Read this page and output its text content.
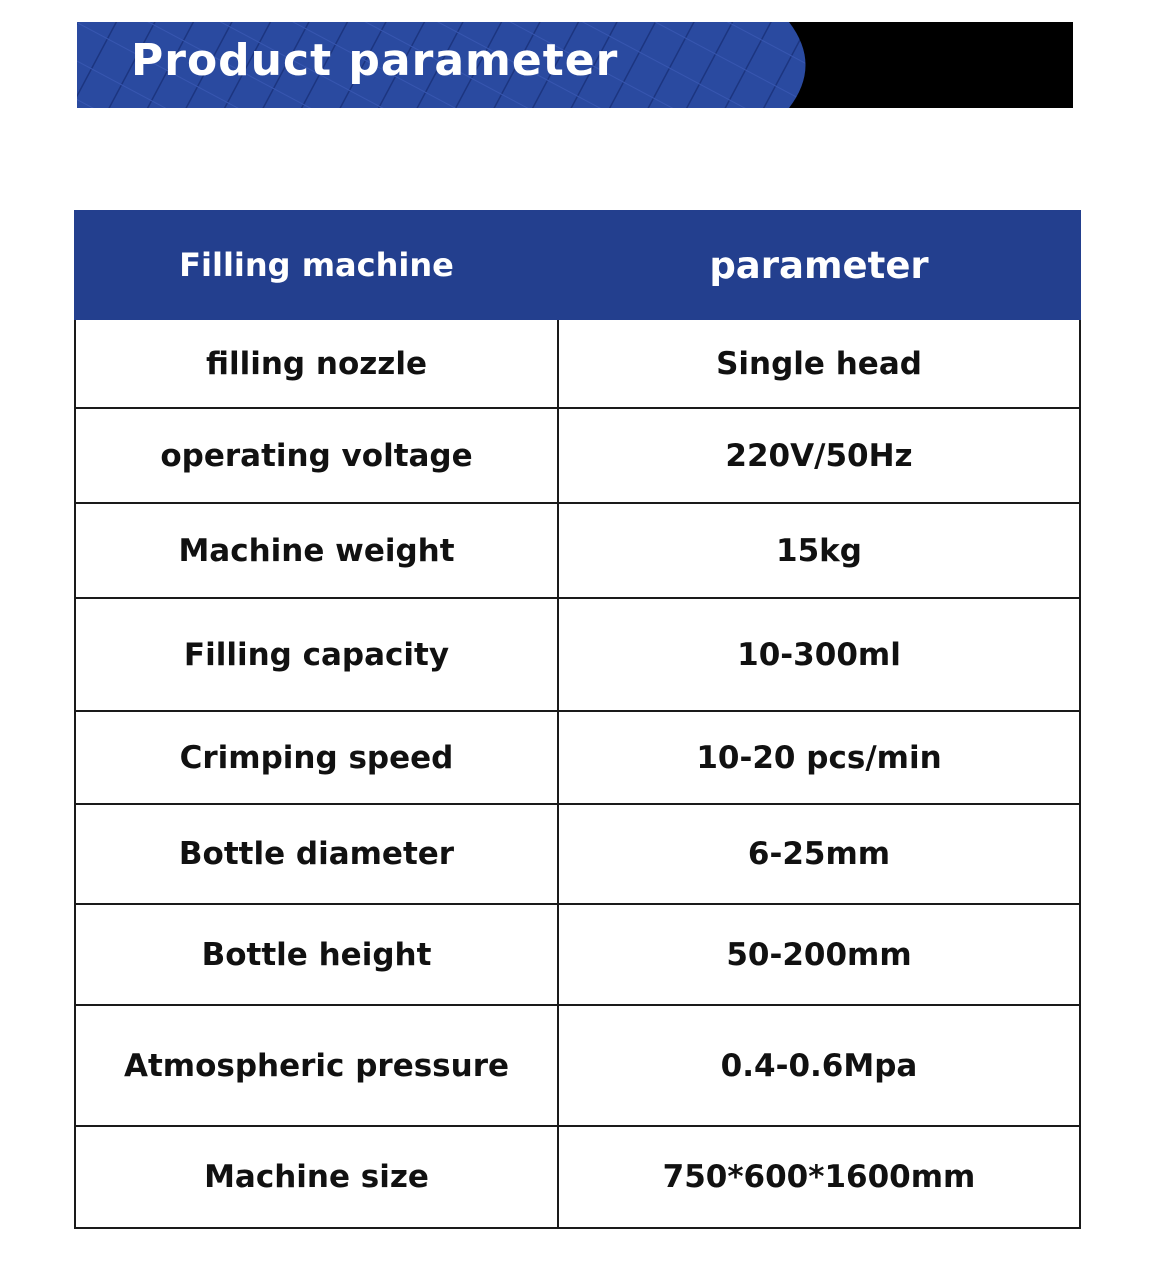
Product parameter
Filling machine	parameter
filling nozzle	Single head
operating voltage	220V/50Hz
Machine weight	15kg
Filling capacity	10-300ml
Crimping speed	10-20 pcs/min
Bottle diameter	6-25mm
Bottle height	50-200mm
Atmospheric pressure	0.4-0.6Mpa
Machine size	750*600*1600mm
